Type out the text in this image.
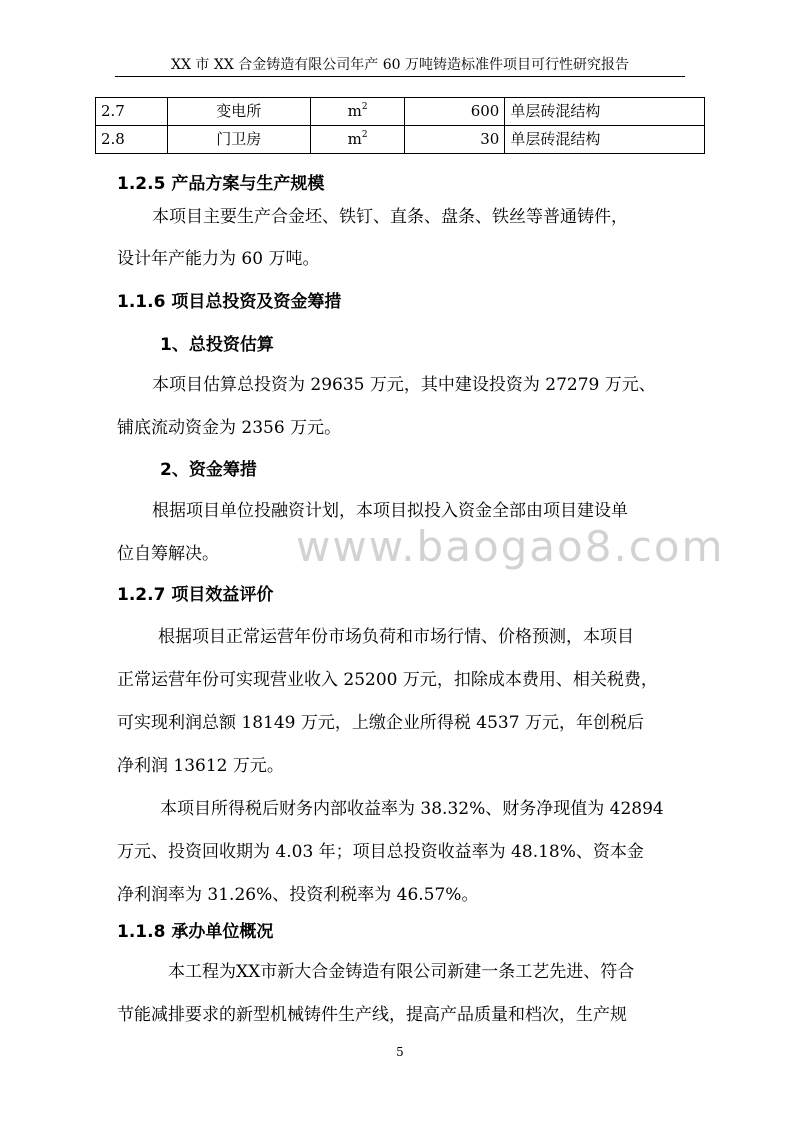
XX 市 XX 合金铸造有限公司年产 60 万吨铸造标准件项目可行性研究报告
2.7	变电所	$m^2$	600	单层砖混结构
2.8	门卫房	$m^2$	30	单层砖混结构
1.2.5 产品方案与生产规模
本项目主要生产合金坯、铁钉、直条、盘条、铁丝等普通铸件，
设计年产能力为 60 万吨。
1.1.6 项目总投资及资金筹措
1、总投资估算
本项目估算总投资为 29635 万元，其中建设投资为 27279 万元、
铺底流动资金为 2356 万元。
2、资金筹措
根据项目单位投融资计划，本项目拟投入资金全部由项目建设单
位自筹解决。
1.2.7 项目效益评价
根据项目正常运营年份市场负荷和市场行情、价格预测，本项目
正常运营年份可实现营业收入 25200 万元，扣除成本费用、相关税费，
可实现利润总额 18149 万元，上缴企业所得税 4537 万元，年创税后
净利润 13612 万元。
本项目所得税后财务内部收益率为 38.32%、财务净现值为 42894
万元、投资回收期为 4.03 年；项目总投资收益率为 48.18%、资本金
净利润率为 31.26%、投资利税率为 46.57%。
1.1.8 承办单位概况
本工程为XX市新大合金铸造有限公司新建一条工艺先进、符合
节能减排要求的新型机械铸件生产线，提高产品质量和档次，生产规
www.baogao8.com
5
